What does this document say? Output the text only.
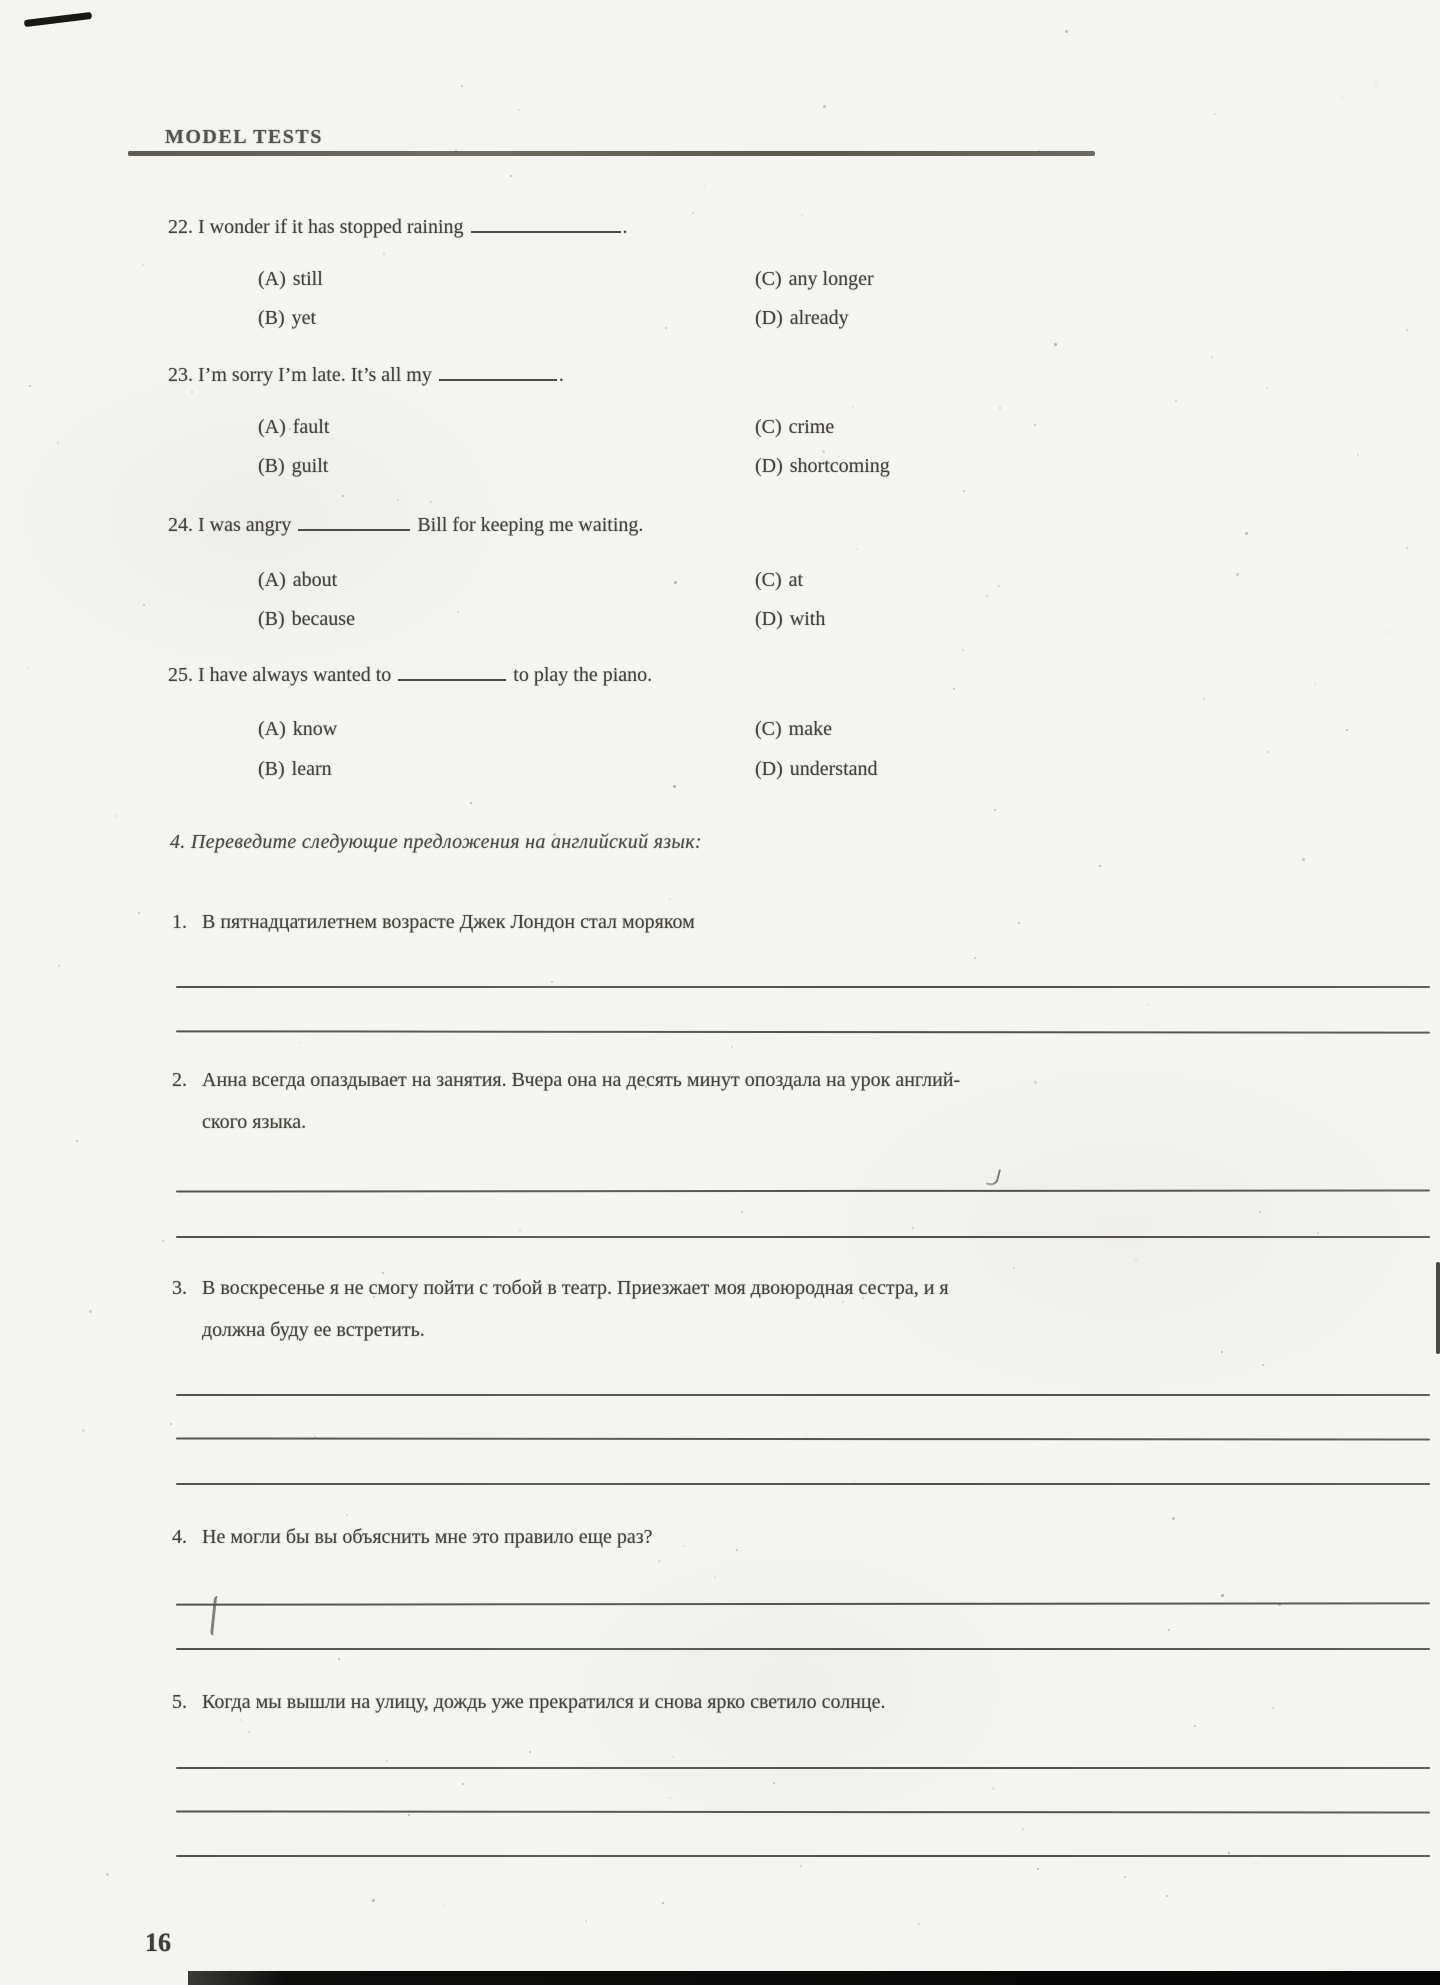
MODEL TESTS
22. I wonder if it has stopped raining	.
(A) still
(B) yet
(C) any longer
(D) already
23. I’m sorry I’m late. It’s all my	.
(A) fault
(B) guilt
(C) crime
(D) shortcoming
24. I was angry	Bill for keeping me waiting.
(A) about
(B) because
(C) at
(D) with
25. I have always wanted to	to play the piano.
(A) know
(B) learn
(C) make
(D) understand
4. Переведите следующие предложения на английский язык:
1. В пятнадцатилетнем возрасте Джек Лондон стал моряком
2. Анна всегда опаздывает на занятия. Вчера она на десять минут опоздала на урок англий-
ского языка.
3. В воскресенье я не смогу пойти с тобой в театр. Приезжает моя двоюродная сестра, и я
должна буду ее встретить.
4. Не могли бы вы объяснить мне это правило еще раз?
5. Когда мы вышли на улицу, дождь уже прекратился и снова ярко светило солнце.
16
